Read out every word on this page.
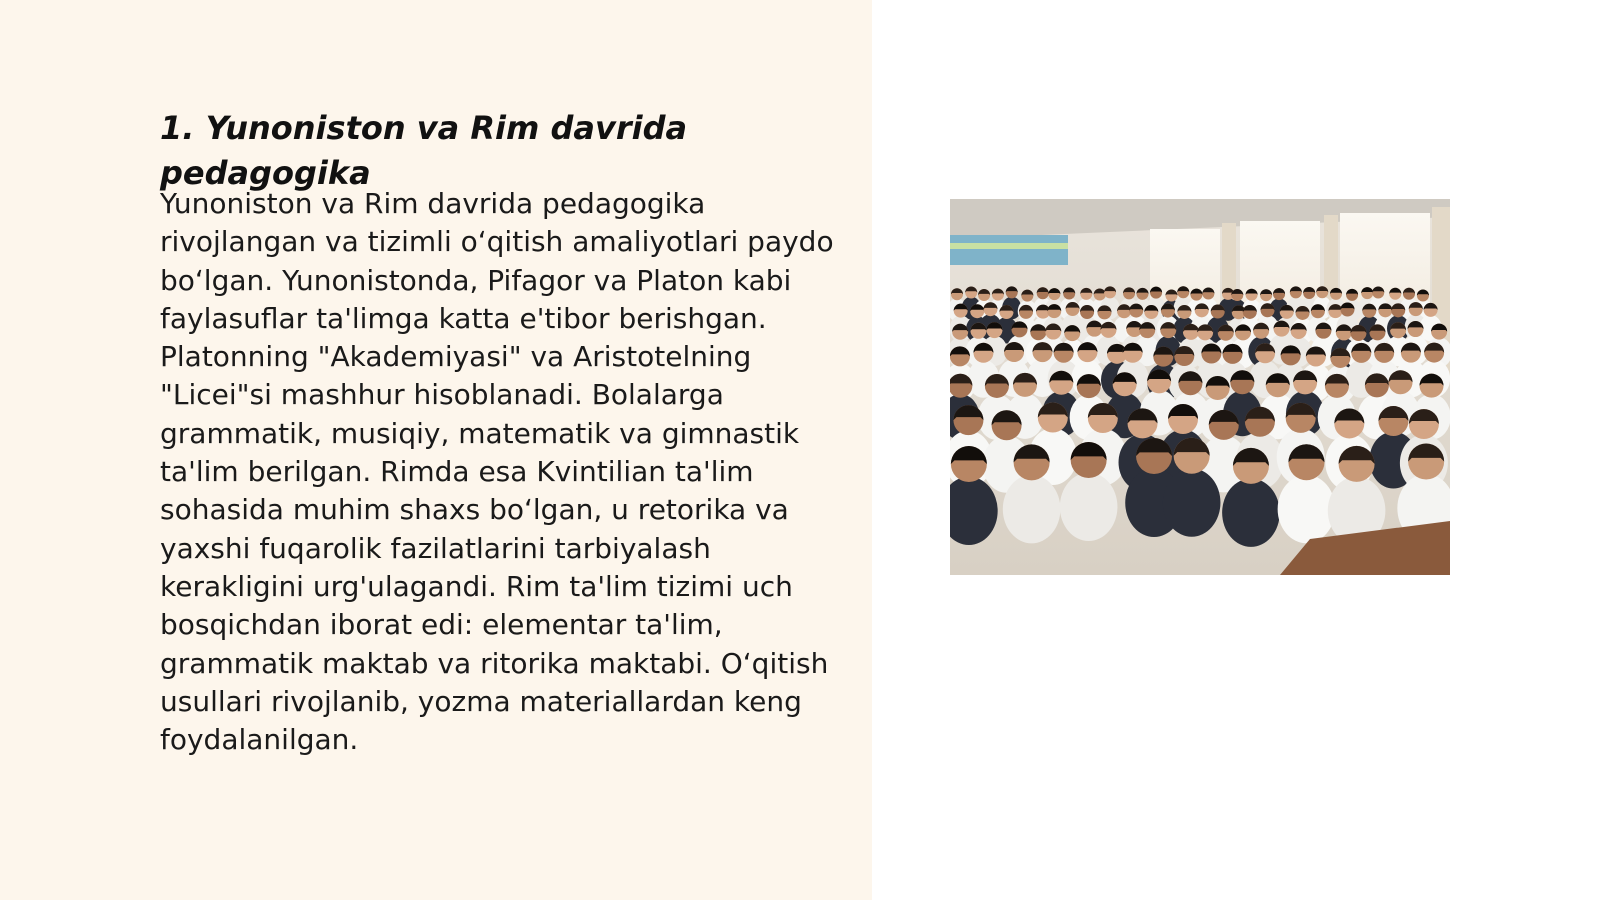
1. Yunoniston va Rim davrida pedagogika

Yunoniston va Rim davrida pedagogika rivojlangan va tizimli oʻqitish amaliyotlari paydo boʻlgan. Yunonistonda, Pifagor va Platon kabi faylasuflar ta'limga katta e'tibor berishgan. Platonning "Akademiyasi" va Aristotelning "Licei"si mashhur hisoblanadi. Bolalarga grammatik, musiqiy, matematik va gimnastik ta'lim berilgan. Rimda esa Kvintilian ta'lim sohasida muhim shaxs boʻlgan, u retorika va yaxshi fuqarolik fazilatlarini tarbiyalash kerakligini urg'ulagandi. Rim ta'lim tizimi uch bosqichdan iborat edi: elementar ta'lim, grammatik maktab va ritorika maktabi. Oʻqitish usullari rivojlanib, yozma materiallardan keng foydalanilgan.
